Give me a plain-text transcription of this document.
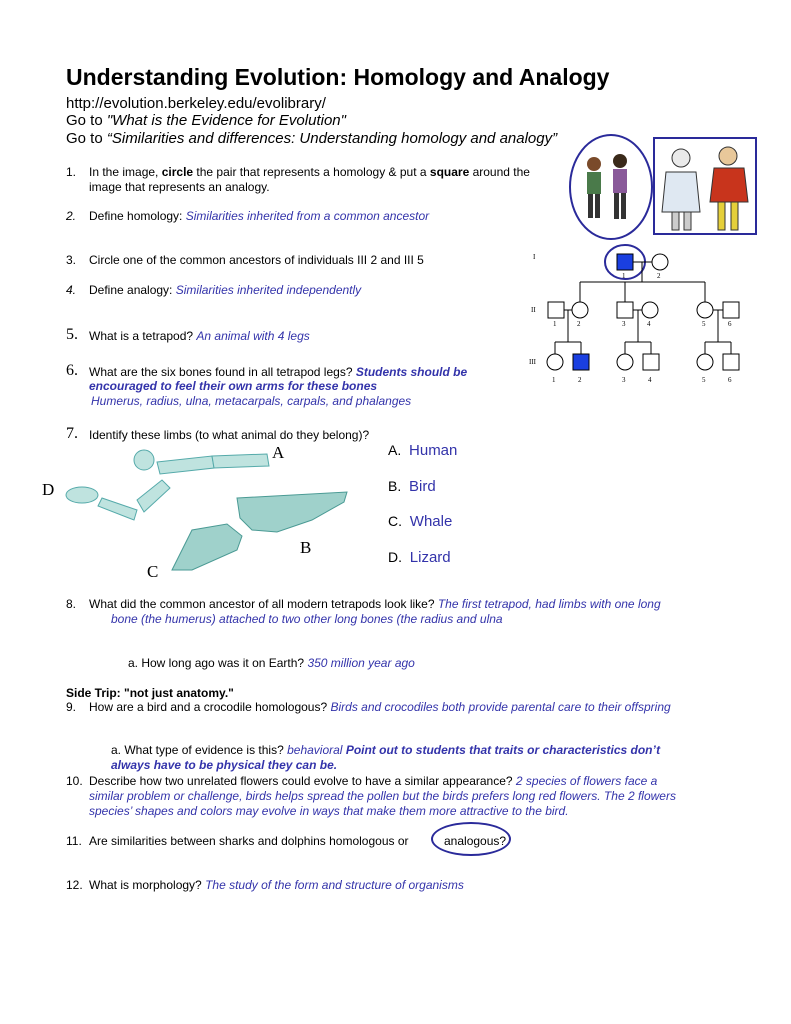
Understanding Evolution: Homology and Analogy
http://evolution.berkeley.edu/evolibrary/
Go to "What is the Evidence for Evolution"
Go to “Similarities and differences: Understanding homology and analogy”
1. In the image, circle the pair that represents a homology & put a square around the
image that represents an analogy.
2. Define homology: Similarities inherited from a common ancestor
3. Circle one of the common ancestors of individuals III 2 and III 5
4. Define analogy: Similarities inherited independently
5. What is a tetrapod? An animal with 4 legs
6. What are the six bones found in all tetrapod legs? Students should be
encouraged to feel their own arms for these bones
Humerus, radius, ulna, metacarpals, carpals, and phalanges
7. Identify these limbs (to what animal do they belong)?
A
D
B
C
A. Human
B. Bird
C. Whale
D. Lizard
8. What did the common ancestor of all modern tetrapods look like? The first tetrapod, had limbs with one long
bone (the humerus) attached to two other long bones (the radius and ulna
a. How long ago was it on Earth? 350 million year ago
Side Trip: "not just anatomy."
9. How are a bird and a crocodile homologous? Birds and crocodiles both provide parental care to their offspring
a. What type of evidence is this? behavioral Point out to students that traits or characteristics don’t
always have to be physical they can be.
10. Describe how two unrelated flowers could evolve to have a similar appearance? 2 species of flowers face a
similar problem or challenge, birds helps spread the pollen but the birds prefers long red flowers. The 2 flowers
species’ shapes and colors may evolve in ways that make them more attractive to the bird.
11. Are similarities between sharks and dolphins homologous or	analogous?
12. What is morphology? The study of the form and structure of organisms
I
II
III
1	2
1	2	3	4	5	6
1	2	3	4	5	6
